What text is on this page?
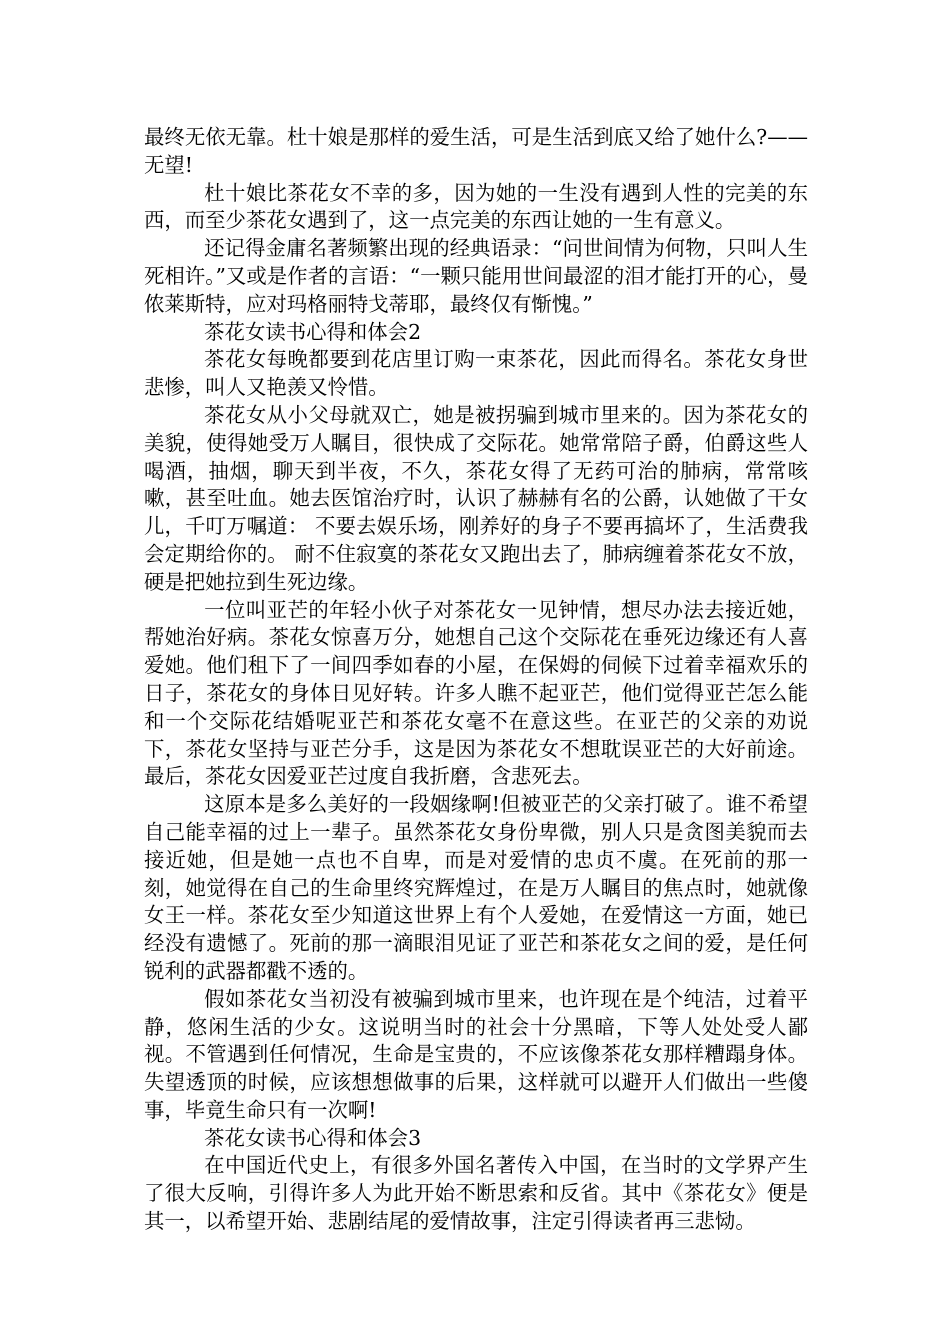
最终无依无靠。杜十娘是那样的爱生活，可是生活到底又给了她什么?——无望!

杜十娘比茶花女不幸的多，因为她的一生没有遇到人性的完美的东西，而至少茶花女遇到了，这一点完美的东西让她的一生有意义。

还记得金庸名著频繁出现的经典语录：“问世间情为何物，只叫人生死相许。”又或是作者的言语：“一颗只能用世间最涩的泪才能打开的心，曼侬莱斯特，应对玛格丽特戈蒂耶，最终仅有惭愧。”

茶花女读书心得和体会2

茶花女每晚都要到花店里订购一束茶花，因此而得名。茶花女身世悲惨，叫人又艳羡又怜惜。

茶花女从小父母就双亡，她是被拐骗到城市里来的。因为茶花女的美貌，使得她受万人瞩目，很快成了交际花。她常常陪子爵，伯爵这些人喝酒，抽烟，聊天到半夜，不久，茶花女得了无药可治的肺病，常常咳嗽，甚至吐血。她去医馆治疗时，认识了赫赫有名的公爵，认她做了干女儿，千叮万嘱道： 不要去娱乐场，刚养好的身子不要再搞坏了，生活费我会定期给你的。 耐不住寂寞的茶花女又跑出去了，肺病缠着茶花女不放，硬是把她拉到生死边缘。

一位叫亚芒的年轻小伙子对茶花女一见钟情，想尽办法去接近她，帮她治好病。茶花女惊喜万分，她想自己这个交际花在垂死边缘还有人喜爱她。他们租下了一间四季如春的小屋，在保姆的伺候下过着幸福欢乐的日子，茶花女的身体日见好转。许多人瞧不起亚芒，他们觉得亚芒怎么能和一个交际花结婚呢亚芒和茶花女毫不在意这些。在亚芒的父亲的劝说下，茶花女坚持与亚芒分手，这是因为茶花女不想耽误亚芒的大好前途。最后，茶花女因爱亚芒过度自我折磨，含悲死去。

这原本是多么美好的一段姻缘啊!但被亚芒的父亲打破了。谁不希望自己能幸福的过上一辈子。虽然茶花女身份卑微，别人只是贪图美貌而去接近她，但是她一点也不自卑，而是对爱情的忠贞不虞。在死前的那一刻，她觉得在自己的生命里终究辉煌过，在是万人瞩目的焦点时，她就像女王一样。茶花女至少知道这世界上有个人爱她，在爱情这一方面，她已经没有遗憾了。死前的那一滴眼泪见证了亚芒和茶花女之间的爱，是任何锐利的武器都戳不透的。

假如茶花女当初没有被骗到城市里来，也许现在是个纯洁，过着平静，悠闲生活的少女。这说明当时的社会十分黑暗，下等人处处受人鄙视。不管遇到任何情况，生命是宝贵的，不应该像茶花女那样糟蹋身体。失望透顶的时候，应该想想做事的后果，这样就可以避开人们做出一些傻事，毕竟生命只有一次啊!

茶花女读书心得和体会3

在中国近代史上，有很多外国名著传入中国，在当时的文学界产生了很大反响，引得许多人为此开始不断思索和反省。其中《茶花女》便是其一，以希望开始、悲剧结尾的爱情故事，注定引得读者再三悲恸。
